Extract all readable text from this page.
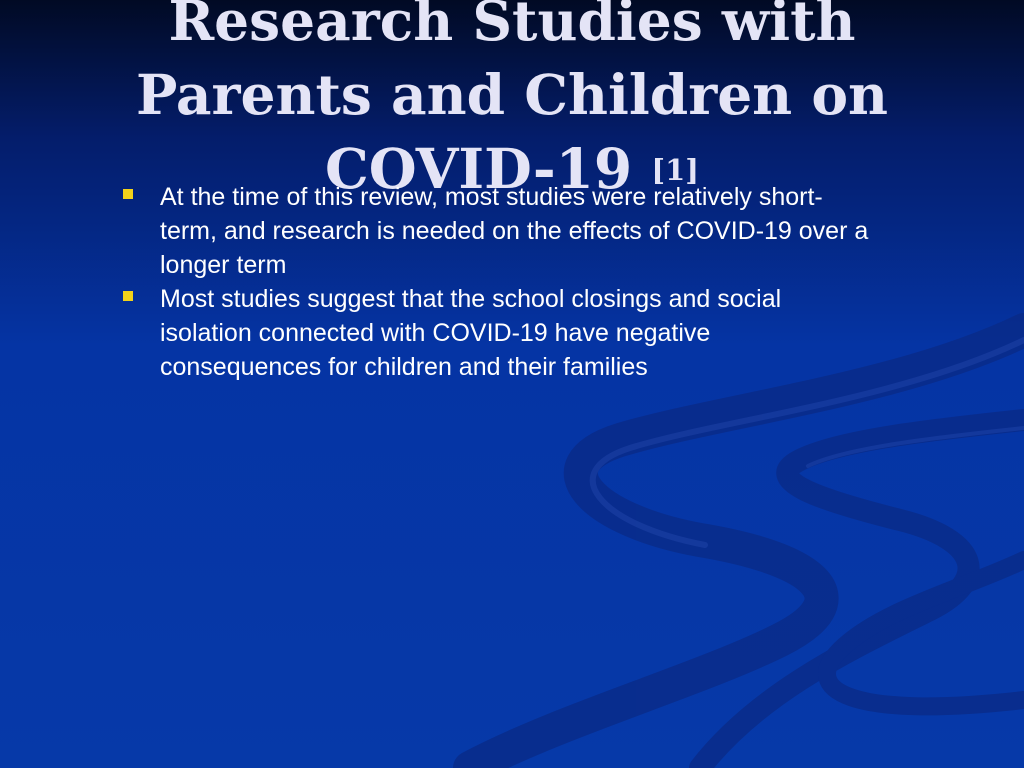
Research Studies with
Parents and Children on
COVID-19 [1]
At the time of this review, most studies were relatively short-term, and research is needed on the effects of COVID-19 over a longer term
Most studies suggest that the school closings and social isolation connected with COVID-19 have negative consequences for children and their families
